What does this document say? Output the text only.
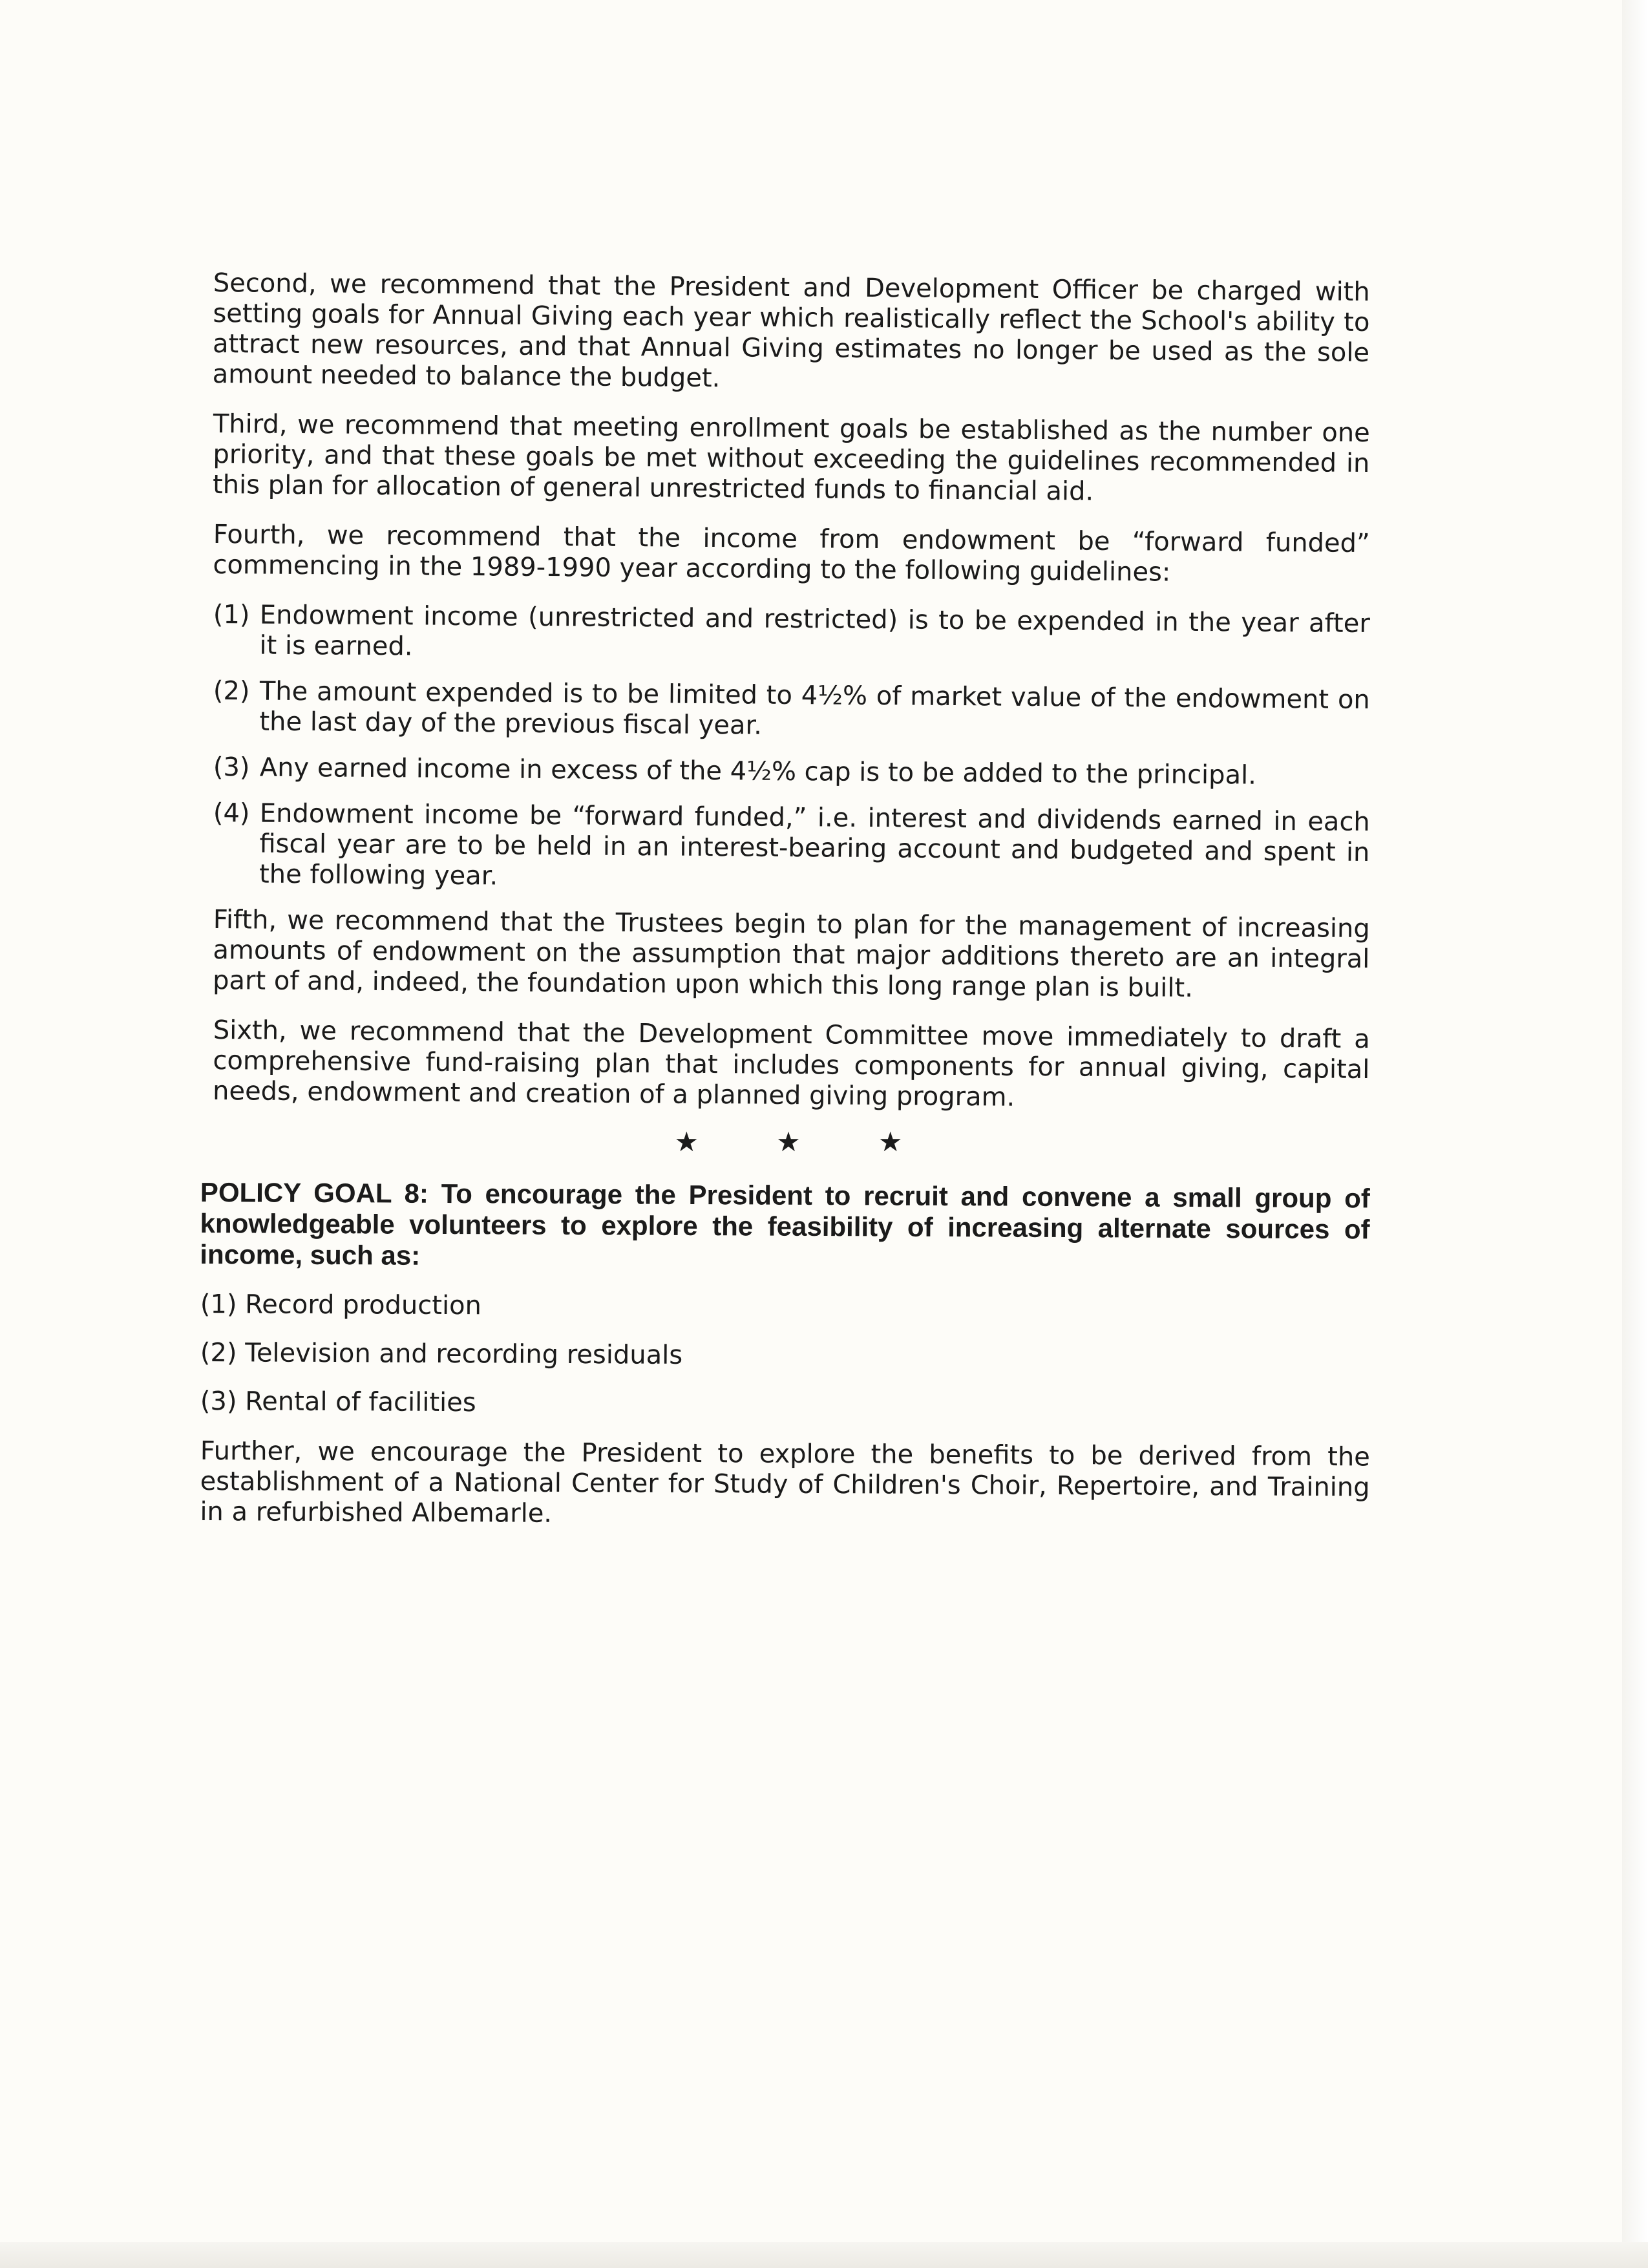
Second, we recommend that the President and Development Officer be charged with setting goals for Annual Giving each year which realistically reflect the School's ability to attract new resources, and that Annual Giving estimates no longer be used as the sole amount needed to balance the budget.

Third, we recommend that meeting enrollment goals be established as the number one priority, and that these goals be met without exceeding the guidelines recommended in this plan for allocation of general unrestricted funds to financial aid.

Fourth, we recommend that the income from endowment be “forward funded” commencing in the 1989-1990 year according to the following guidelines:

(1) Endowment income (unrestricted and restricted) is to be expended in the year after it is earned.
(2) The amount expended is to be limited to 4½% of market value of the endowment on the last day of the previous fiscal year.
(3) Any earned income in excess of the 4½% cap is to be added to the principal.
(4) Endowment income be “forward funded,” i.e. interest and dividends earned in each fiscal year are to be held in an interest-bearing account and budgeted and spent in the following year.

Fifth, we recommend that the Trustees begin to plan for the management of increasing amounts of endowment on the assumption that major additions thereto are an integral part of and, indeed, the foundation upon which this long range plan is built.

Sixth, we recommend that the Development Committee move immediately to draft a comprehensive fund-raising plan that includes components for annual giving, capital needs, endowment and creation of a planned giving program.

★★★

POLICY GOAL 8: To encourage the President to recruit and convene a small group of knowledgeable volunteers to explore the feasibility of increasing alternate sources of income, such as:

(1) Record production
(2) Television and recording residuals
(3) Rental of facilities

Further, we encourage the President to explore the benefits to be derived from the establishment of a National Center for Study of Children's Choir, Repertoire, and Training in a refurbished Albemarle.
